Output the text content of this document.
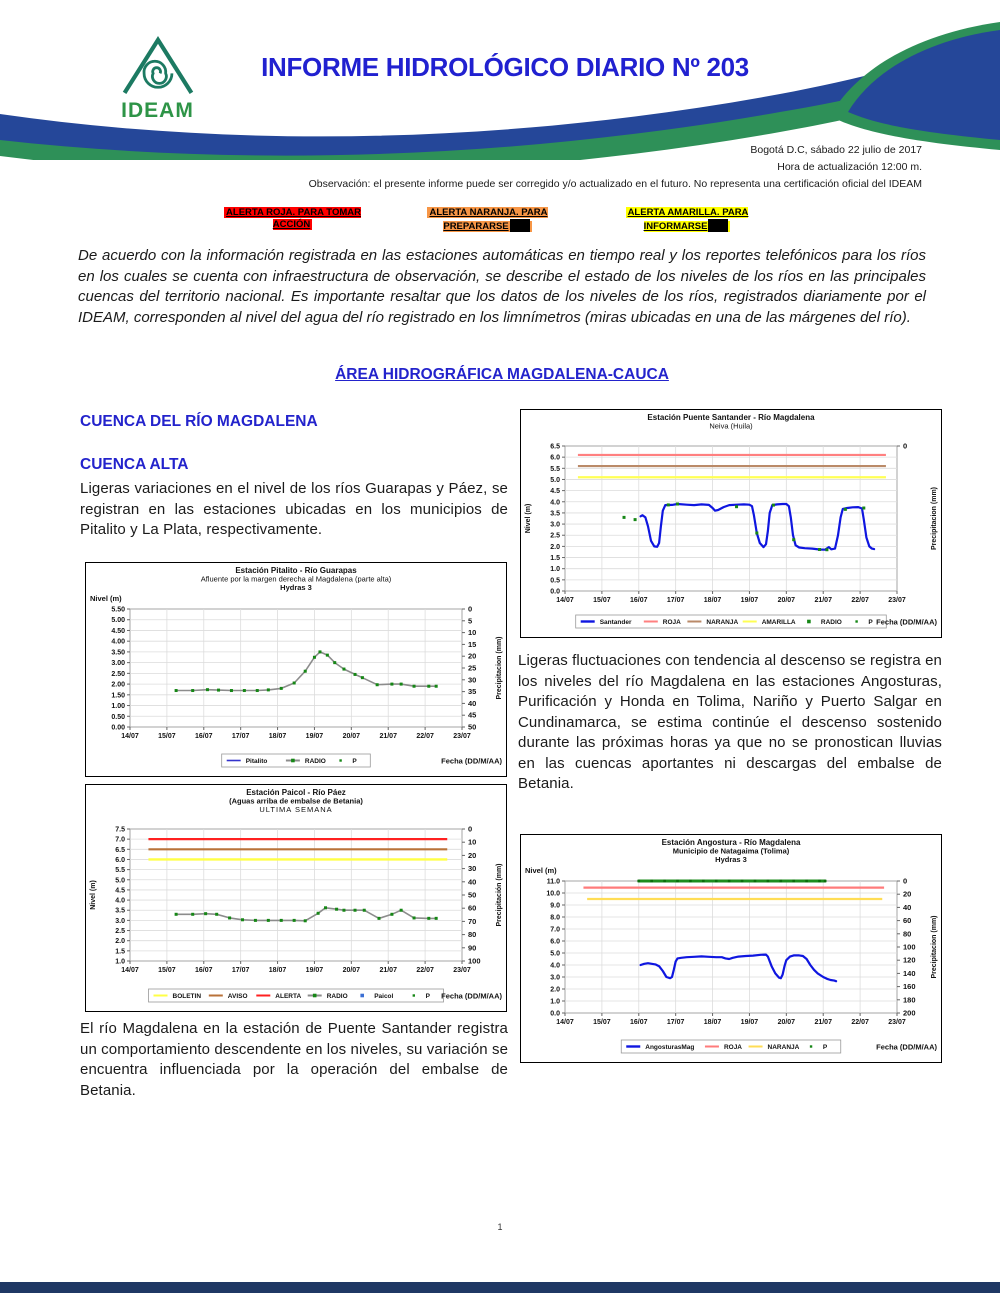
IDEAM
INFORME HIDROLÓGICO DIARIO Nº 203
Bogotá D.C, sábado 22 julio de 2017
Hora de actualización 12:00 m.
Observación: el presente informe puede ser corregido y/o actualizado en el futuro. No representa una certificación oficial del IDEAM
ALERTA ROJA. PARA TOMAR
ACCIÓN
ALERTA NARANJA. PARA
PREPARARSE
ALERTA AMARILLA. PARA
INFORMARSE

De acuerdo con la información registrada en las estaciones automáticas en tiempo real y los reportes telefónicos para los ríos en los cuales se cuenta con infraestructura de observación, se describe el estado de los niveles de los ríos en las principales cuencas del territorio nacional. Es importante resaltar que los datos de los niveles de los ríos, registrados diariamente por el IDEAM, corresponden al nivel del agua del río registrado en los limnímetros (miras ubicadas en una de las márgenes del río).

ÁREA HIDROGRÁFICA MAGDALENA-CAUCA
CUENCA DEL RÍO MAGDALENA
CUENCA ALTA

Ligeras variaciones en el nivel de los ríos Guarapas y Páez, se registran en las estaciones ubicadas en los municipios de Pitalito y La Plata, respectivamente.

Estación Pitalito - Río Guarapas
Afluente por la margen derecha al Magdalena (parte alta)
Hydras 3
14/07	15/07	16/07	17/07	18/07	19/07	20/07	21/07	22/07	23/07
5.50
5.00
4.50
4.00
3.50
3.00
2.50
2.00
1.50
1.00
0.50
0.00
0
5
10
15
20
25
30
35
40
45
50
Nivel (m)
Precipitacion (mm)
Pitalito	RADIO	P	Fecha (DD/M/AA)
Estación Puente Santander - Río Magdalena
Neiva (Huila)
14/07	15/07	16/07	17/07	18/07	19/07	20/07	21/07	22/07	23/07
6.5
6.0
5.5
5.0
4.5
4.0
3.5
3.0
2.5
2.0
1.5
1.0
0.5
0.0
0
Nivel (m)	Precipitacion (mm)
Santander	ROJA	NARANJA	AMARILLA	RADIO	P Fecha (DD/M/AA)

Ligeras fluctuaciones con tendencia al descenso se registra en los niveles del río Magdalena en las estaciones Angosturas, Purificación y Honda en Tolima, Nariño y Puerto Salgar en Cundinamarca, se estima continúe el descenso sostenido durante las próximas horas ya que no se pronostican lluvias en las cuencas aportantes ni descargas del embalse de Betania.

Estación Paicol - Río Páez
(Aguas arriba de embalse de Betania)
ULTIMA SEMANA
14/07	15/07	16/07	17/07	18/07	19/07	20/07	21/07	22/07	23/07
7.5
7.0
6.5
6.0
5.5
5.0
4.5
4.0
3.5
3.0
2.5
2.0
1.5
1.0
0
10
20
30
40
50
60
70
80
90
100
Nivel (m)	Precipitación (mm)
BOLETIN	AVISO	ALERTA	RADIO	Paicol	P Fecha (DD/M/AA)
Estación Angostura - Río Magdalena
Municipio de Natagaima (Tolima)
Hydras 3
14/07	15/07	16/07	17/07	18/07	19/07	20/07	21/07	22/07	23/07
11.0
10.0
9.0
8.0
7.0
6.0
5.0
4.0
3.0
2.0
1.0
0.0
0
20
40
60
80
100
120
140
160
180
200
Nivel (m)
Precipitacion (mm)
AngosturasMag	ROJA	NARANJA	P	Fecha (DD/M/AA)

El río Magdalena en la estación de Puente Santander registra un comportamiento descendente en los niveles, su variación se encuentra influenciada por la operación del embalse de Betania.

1
